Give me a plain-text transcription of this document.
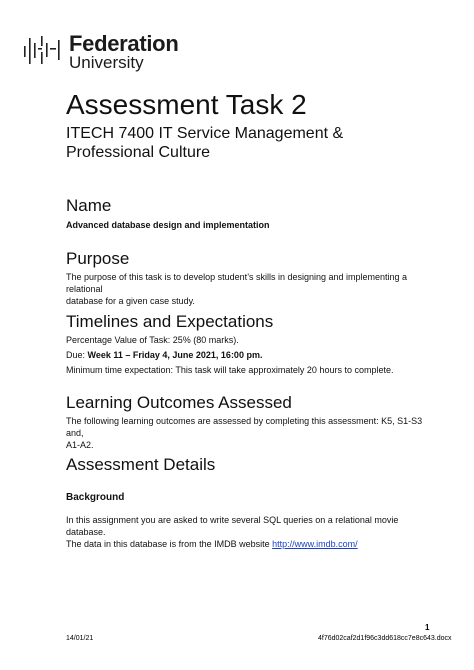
Federation
University
Assessment Task 2
ITECH 7400 IT Service Management &
Professional Culture
Name
Advanced database design and implementation
Purpose
The purpose of this task is to develop student’s skills in designing and implementing a relational
database for a given case study.
Timelines and Expectations
Percentage Value of Task: 25% (80 marks).
Due: Week 11 – Friday 4, June 2021, 16:00 pm.
Minimum time expectation: This task will take approximately 20 hours to complete.
Learning Outcomes Assessed
The following learning outcomes are assessed by completing this assessment: K5, S1-S3 and,
A1-A2.
Assessment Details
Background
In this assignment you are asked to write several SQL queries on a relational movie database.
The data in this database is from the IMDB website http://www.imdb.com/
1
14/01/21	4f76d02caf2d1f96c3dd618cc7e8c643.docx
